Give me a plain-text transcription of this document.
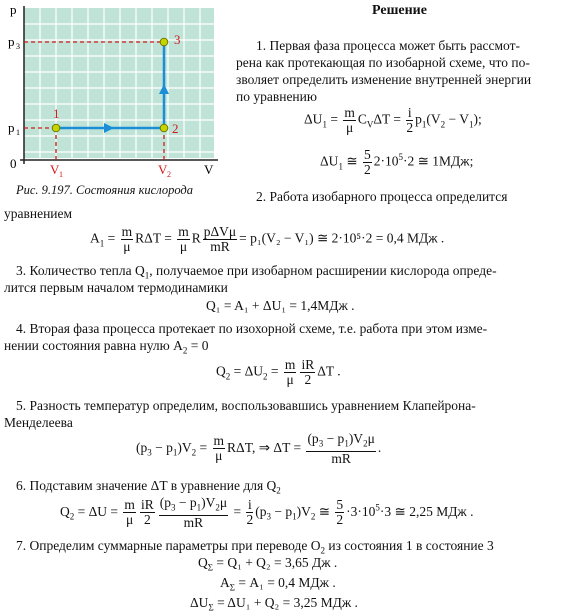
p
V
0
p 3
p 1
V 1	V 2
1
2
3
Рис. 9.197. Состояния кислорода
Решение
1. Первая фаза процесса может быть рассмот-
рена как протекающая по изобарной схеме, что по-
зволяет определить изменение внутренней энергии
по уравнению
$\Delta U_1 = \frac{m}{\mu} C_V\Delta T = \frac{i}{2} p_1(V_2 - V_1)$;
$\Delta U_1$ ≅ $\frac{5}{2} 2\cdot 10^5\cdot 2$ ≅ 1МДж;
2. Работа изобарного процесса определится
уравнением
$A_1 = \frac{m}{\mu}$ $R\Delta T = \frac{m}{\mu}$ R $\frac{\text{pΔVμ}}{mR} = p_1(V_2 - V_1)$ ≅ 2·10⁵·2 = 0,4 МДж .
3. Количество тепла $Q_1$, получаемое при изобарном расширении кислорода опреде-
лится первым началом термодинамики
Q₁ = A₁ + ΔU₁ = 1,4МДж .
4. Вторая фаза процесса протекает по изохорной схеме, т.е. работа при этом изме-
нении состояния равна нулю $A_2 = 0$
$Q_2 = \Delta U_2 = \frac{m}{\mu} \frac{iR}{2}$ ΔT .
5. Разность температур определим, воспользовавшись уравнением Клапейрона-
Менделеева
$(p_3 - p_1)V_2 = \frac{m}{\mu} R\Delta T$, ⇒ $\Delta T = \frac{(p_3 - p_1)V_2\mu}{mR}$ .
6. Подставим значение ΔT в уравнение для $Q_2$
$Q_2 = \Delta U = \frac{m}{\mu} \frac{iR}{2} \frac{(p_3 - p_1)V_2\mu}{mR} = \frac{i}{2} (p_3 - p_1)V_2$ ≅ $\frac{5}{2} \cdot 3\cdot 10^5\cdot 3$ ≅ 2,25 МДж .
7. Определим суммарные параметры при переводе $O_2$ из состояния 1 в состояние 3
$Q_\Sigma = Q_1 + Q_2 = 3,65$ Дж .
$A_\Sigma = A_1 = 0,4$ МДж .
$\Delta U_\Sigma = \Delta U_1 + Q_2 = 3,25$ МДж .
